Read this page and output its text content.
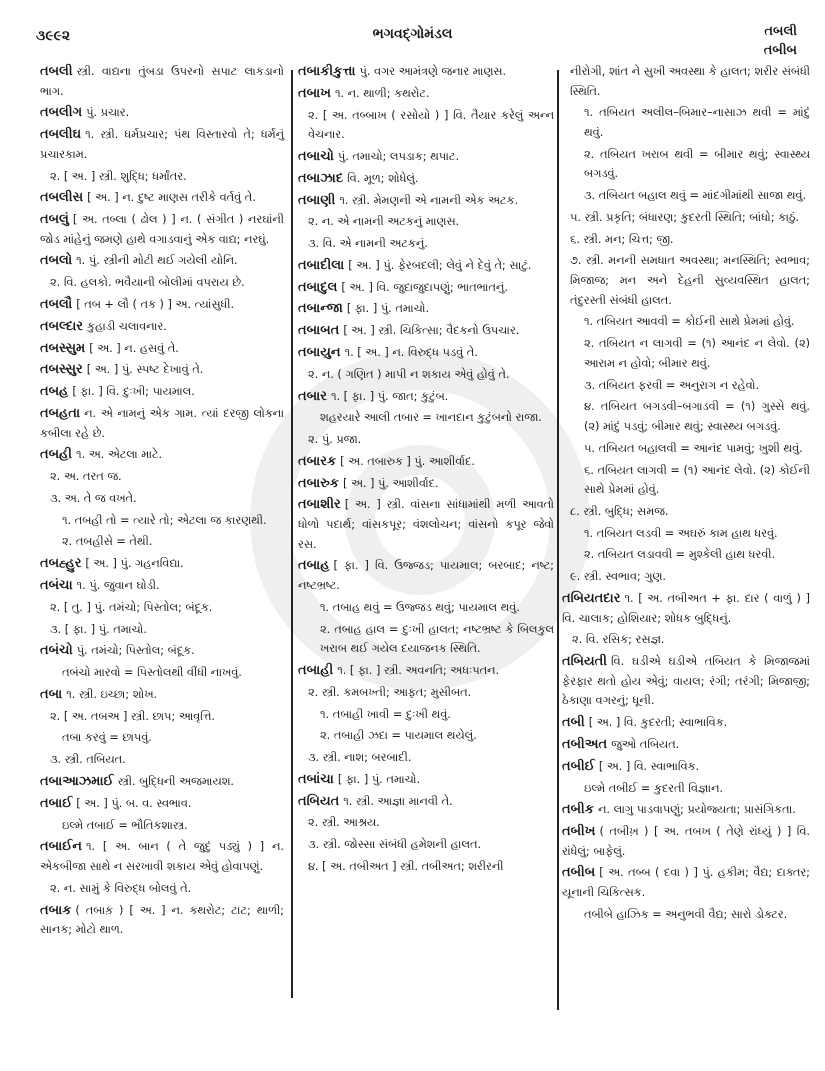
૩૯૯૨	ભગવદ્ગોમંડલ	તબલી
તબીબ
તબલી સ્ત્રી. વાદ્યના તુંબડા ઉપરનો સપાટ લાકડાનો ભાગ.
તબલીગ પું. પ્રચાર.
તબલીઘ ૧. સ્ત્રી. ધર્મપ્રચાર; પંથ વિસ્તારવો તે; ધર્મનું પ્રચારકામ.
૨. [ અ. ] સ્ત્રી. શુદ્ધિ; ધર્માંતર.
તબલીસ [ અ. ] ન. દુષ્ટ માણસ તરીકે વર્તવું તે.
તબલું [ અ. તબ્લા ( ઢોલ ) ] ન. ( સંગીત ) નરઘાંની જોડ માંહેનું જમણે હાથે વગાડવાનું એક વાદ્ય; નરઘું.
તબલો ૧. પું. સ્ત્રીની મોટી થઈ ગયેલી યોનિ.
૨. વિ. હલકો. ભવૈયાની બોલીમાં વપરાય છે.
તબલૌ [ તબ + લૌ ( તક ) ] અ. ત્યાંસુધી.
તબલ્દાર કુહાડી ચલાવનાર.
તબસ્સુમ [ અ. ] ન. હસવું તે.
તબસ્સુર [ અ. ] પું. સ્પષ્ટ દેખાવું તે.
તબહ [ ફા. ] વિ. દુઃખી; પાયમાલ.
તબહતા ન. એ નામનું એક ગામ. ત્યાં દરજી લોકના કબીલા રહે છે.
તબહી ૧. અ. એટલા માટે.
૨. અ. તરત જ.
૩. અ. તે જ વખતે.
૧. તબહી તો = ત્યારે તો; એટલા જ કારણથી.
૨. તબહીસે = તેથી.
તબહ્હુર [ અ. ] પું. ગહનવિદ્યા.
તબંચા ૧. પું. જુવાન ઘોડી.
૨. [ તુ. ] પું. તમંચો; પિસ્તોલ; બંદૂક.
૩. [ ફા. ] પું. તમાચો.
તબંચો પું. તમંચો; પિસ્તોલ; બંદૂક.
તબંચો મારવો = પિસ્તોલથી વીંધી નાખવું.
તબા ૧. સ્ત્રી. ઇચ્છા; શોખ.
૨. [ અ. તબઅ ] સ્ત્રી. છાપ; આવૃત્તિ.
તબા કરવું = છાપવું.
૩. સ્ત્રી. તબિયત.
તબાઆઝમાઈ સ્ત્રી. બુદ્ધિની અજમાયશ.
તબાઈ [ અ. ] પું. બ. વ. સ્વભાવ.
ઇલ્મે તબાઈ = ભૌતિકશાસ્ત્ર.
તબાઈન ૧. [ અ. બાન ( તે જુદું પડ્યું ) ] ન. એકબીજા સાથે ન સરખાવી શકાય એવું હોવાપણું.
૨. ન. સામું કે વિરુદ્ધ બોલવું તે.
તબાક ( તબાક઼ ) [ અ. ] ન. કથરોટ; ટાટ; થાળી; સાનક; મોટો થાળ.
તબાકીકુત્તા પું. વગર આમંત્રણે જનાર માણસ.
તબાખ ૧. ન. થાળી; કથરોટ.
૨. [ અ. તબ્બાખ ( રસોયો ) ] વિ. તૈયાર કરેલું અન્ન વેચનાર.
તબાચો પું. તમાચો; લપડાક; થપાટ.
તબાઝાદ વિ. મૂળ; શોધેલું.
તબાણી ૧. સ્ત્રી. મેમણની એ નામની એક અટક.
૨. ન. એ નામની અટકનું માણસ.
૩. વિ. એ નામની અટકનું.
તબાદીલા [ અ. ] પું. ફેરબદલી; લેવું ને દેવું તે; સાટું.
તબાદુલ [ અ. ] વિ. જુદાજુદાપણું; ભાતભાતનું.
તબાન્જા [ ફા. ] પું. તમાચો.
તબાબત [ અ. ] સ્ત્રી. ચિકિત્સા; વૈદકનો ઉપચાર.
તબાયુન ૧. [ અ. ] ન. વિરુદ્ધ પડવું તે.
૨. ન. ( ગણિત ) માપી ન શકાય એવું હોવું તે.
તબાર ૧. [ ફા. ] પું. જાત; કુટુંબ.
શહરયારે આલી તબાર = ખાનદાન કુટુંબનો રાજા.
૨. પું. પ્રજા.
તબારક [ અ. તબારુક ] પું. આશીર્વાદ.
તબારુક [ અ. ] પું. આશીર્વાદ.
તબાશીર [ અ. ] સ્ત્રી. વાંસના સાંધામાંથી મળી આવતો ધોળો પદાર્થ; વાંસકપૂર; વંશલોચન; વાંસનો કપૂર જેવો રસ.
તબાહ [ ફા. ] વિ. ઉજ્જડ; પાયમાલ; બરબાદ; નષ્ટ; નષ્ટભ્રષ્ટ.
૧. તબાહ થવું = ઉજ્જડ થવું; પાયમાલ થવું.
૨. તબાહ હાલ = દુઃખી હાલત; નષ્ટભ્રષ્ટ કે બિલકુલ ખરાબ થઈ ગયેલ દયાજનક સ્થિતિ.
તબાહી ૧. [ ફા. ] સ્ત્રી. અવનતિ; અધઃપતન.
૨. સ્ત્રી. કમબખ્તી; આફત; મુસીબત.
૧. તબાહી ખાવી = દુઃખી થવું.
૨. તબાહી ઝદા = પાયમાલ થયેલું.
૩. સ્ત્રી. નાશ; બરબાદી.
તબાંચા [ ફા. ] પું. તમાચો.
તબિયત ૧. સ્ત્રી. આજ્ઞા માનવી તે.
૨. સ્ત્રી. આશ્રય.
૩. સ્ત્રી. જોસ્સા સંબંધી હમેશની હાલત.
૪. [ અ. તબીઅત ] સ્ત્રી. તબીઅત; શરીરની
નીરોગી, શાંત ને સુખી અવસ્થા કે હાલત; શરીર સંબંધી સ્થિતિ.
૧. તબિયત અલીલ–બિમાર–નાસાઝ થવી = માંદું થવું.
૨. તબિયત ખરાબ થવી = બીમાર થવું; સ્વાસ્થ્ય બગડવું.
૩. તબિયત બહાલ થવું = માંદગીમાંથી સાજા થવું.
૫. સ્ત્રી. પ્રકૃતિ; બંધારણ; કુદરતી સ્થિતિ; બાંધો; કાઠું.
૬. સ્ત્રી. મન; ચિત્ત; જી.
૭. સ્ત્રી. મનની સમધાત અવસ્થા; મનસ્થિતિ; સ્વભાવ; મિજાજ; મન અને દેહની સુવ્યવસ્થિત હાલત; તંદુરસ્તી સંબંધી હાલત.
૧. તબિયત આવવી = કોઈની સાથે પ્રેમમાં હોવું.
૨. તબિયત ન લાગવી = (૧) આનંદ ન લેવો. (૨) આરામ ન હોવો; બીમાર થવું.
૩. તબિયત ફરવી = અનુરાગ ન રહેવો.
૪. તબિયત બગડવી–બગાડવી = (૧) ગુસ્સે થવું. (૨) માંદું પડવું; બીમાર થવું; સ્વાસ્થ્ય બગડવું.
૫. તબિયત બહાલવી = આનંદ પામવું; ખુશી થવું.
૬. તબિયત લાગવી = (૧) આનંદ લેવો. (૨) કોઈની સાથે પ્રેમમાં હોવું.
૮. સ્ત્રી. બુદ્ધિ; સમજ.
૧. તબિયત લડવી = અઘરું કામ હાથ ધરવું.
૨. તબિયત લડાવવી = મુશ્કેલી હાથ ધરવી.
૯. સ્ત્રી. સ્વભાવ; ગુણ.
તબિયતદાર ૧. [ અ. તબીઅત + ફા. દાર ( વાળું ) ] વિ. ચાલાક; હોશિયાર; શોધક બુદ્ધિનું.
૨. વિ. રસિક; રસજ્ઞ.
તબિયતી વિ. ઘડીએ ઘડીએ તબિયત કે મિજાજમાં ફેરફાર થતો હોય એવું; વાયલ; રંગી; તરંગી; મિજાજી; ઠેકાણા વગરનું; ધૂની.
તબી [ અ. ] વિ. કુદરતી; સ્વાભાવિક.
તબીઅત જુઓ તબિયત.
તબીઈ [ અ. ] વિ. સ્વાભાવિક.
ઇલ્મે તબીઈ = કુદરતી વિજ્ઞાન.
તબીક ન. લાગુ પાડવાપણું; પ્રયોજ્યતા; પ્રાસંગિકતા.
તબીખ ( તબીખ઼ ) [ અ. તબખ ( તેણે રાંધ્યું ) ] વિ. રાંધેલું; બાફેલું.
તબીબ [ અ. તબ્બ ( દવા ) ] પું. હકીમ; વૈદ્ય; દાક્તર; યૂનાની ચિકિત્સક.
તબીબે હાઝિક = અનુભવી વૈદ્ય; સારો ડોક્ટર.
